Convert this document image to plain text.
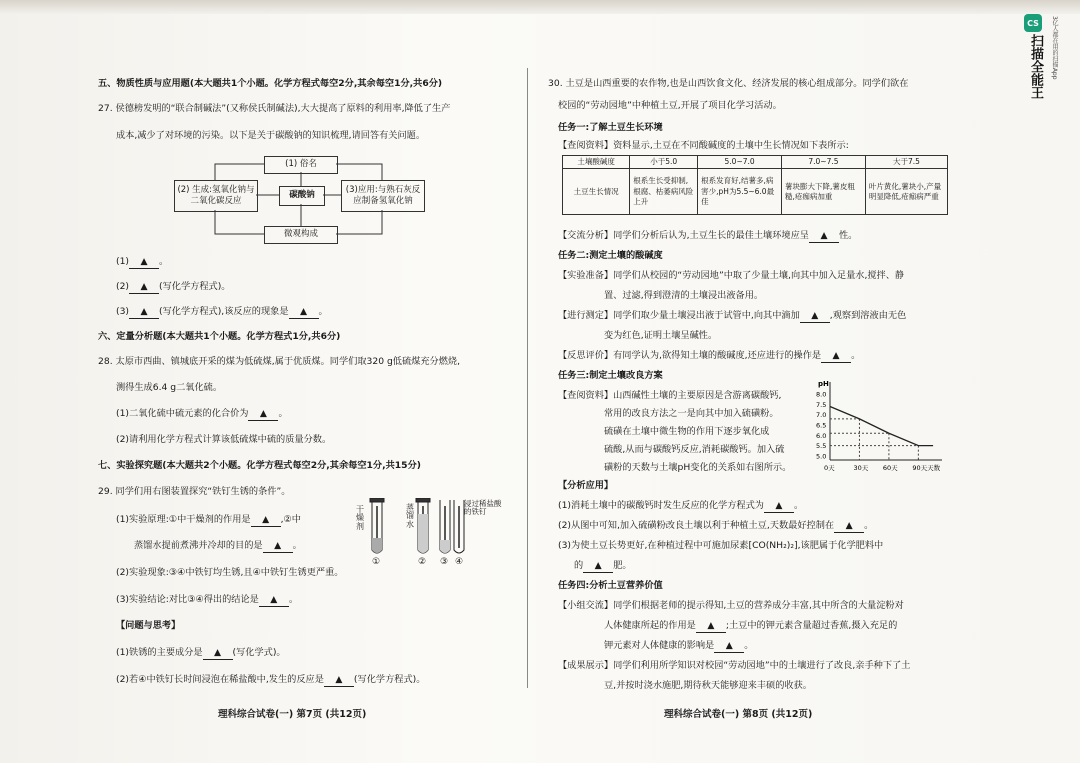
五、物质性质与应用题(本大题共1个小题。化学方程式每空2分,其余每空1分,共6分)
27. 侯德榜发明的“联合制碱法”(又称侯氏制碱法),大大提高了原料的利用率,降低了生产
成本,减少了对环境的污染。以下是关于碳酸钠的知识梳理,请回答有关问题。
(1) 俗名
(2) 生成:氢氧化钠与二氧化碳反应
碳酸钠
(3)应用:与熟石灰反应制备氢氧化钠
微观构成
(1) ▲ 。
(2) ▲ (写化学方程式)。
(3) ▲ (写化学方程式),该反应的现象是 ▲ 。
六、定量分析题(本大题共1个小题。化学方程式1分,共6分)
28. 太原市西曲、镇城底开采的煤为低硫煤,属于优质煤。同学们取320 g低硫煤充分燃烧,
测得生成6.4 g二氧化硫。
(1)二氧化硫中硫元素的化合价为 ▲ 。
(2)请利用化学方程式计算该低硫煤中硫的质量分数。
七、实验探究题(本大题共2个小题。化学方程式每空2分,其余每空1分,共15分)
29. 同学们用右图装置探究“铁钉生锈的条件”。
(1)实验原理:①中干燥剂的作用是 ▲ ,②中
蒸馏水提前煮沸并冷却的目的是 ▲ 。
(2)实验现象:③④中铁钉均生锈,且④中铁钉生锈更严重。
(3)实验结论:对比③④得出的结论是 ▲ 。
【问题与思考】
(1)铁锈的主要成分是 ▲ (写化学式)。
(2)若④中铁钉长时间浸泡在稀盐酸中,发生的反应是 ▲ (写化学方程式)。
干燥剂
蒸馏水
浸过稀盐酸的铁钉
①	② ③ ④
30. 土豆是山西重要的农作物,也是山西饮食文化、经济发展的核心组成部分。同学们欲在
校园的“劳动园地”中种植土豆,开展了项目化学习活动。
任务一:了解土豆生长环境
【查阅资料】资料显示,土豆在不同酸碱度的土壤中生长情况如下表所示:
土壤酸碱度	小于5.0	5.0~7.0	7.0~7.5	大于7.5
土豆生长情况	根系生长受抑制,根腐、枯萎病风险上升	根系发育好,结薯多,病害少,pH为5.5~6.0最佳	薯块膨大下降,薯皮粗糙,疮痂病加重	叶片黄化,薯块小,产量明显降低,疮痂病严重
【交流分析】同学们分析后认为,土豆生长的最佳土壤环境应呈 ▲ 性。
任务二:测定土壤的酸碱度
【实验准备】同学们从校园的“劳动园地”中取了少量土壤,向其中加入足量水,搅拌、静
置、过滤,得到澄清的土壤浸出液备用。
【进行测定】同学们取少量土壤浸出液于试管中,向其中滴加 ▲ ,观察到溶液由无色
变为红色,证明土壤呈碱性。
【反思评价】有同学认为,欲得知土壤的酸碱度,还应进行的操作是 ▲ 。
任务三:制定土壤改良方案
【查阅资料】山西碱性土壤的主要原因是含游离碳酸钙,
常用的改良方法之一是向其中加入硫磺粉。
硫磺在土壤中微生物的作用下逐步氧化成
硫酸,从而与碳酸钙反应,消耗碳酸钙。加入硫
磺粉的天数与土壤pH变化的关系如右图所示。
pH
8.0
7.5
7.0
6.5
6.0
5.5
5.0
0天	30天 60天 90天 天数
【分析应用】
(1)消耗土壤中的碳酸钙时发生反应的化学方程式为 ▲ 。
(2)从图中可知,加入硫磺粉改良土壤以利于种植土豆,天数最好控制在 ▲ 。
(3)为使土豆长势更好,在种植过程中可施加尿素[CO(NH₂)₂],该肥属于化学肥料中
的 ▲ 肥。
任务四:分析土豆营养价值
【小组交流】同学们根据老师的提示得知,土豆的营养成分丰富,其中所含的大量淀粉对
人体健康所起的作用是 ▲ ;土豆中的钾元素含量超过香蕉,摄入充足的
钾元素对人体健康的影响是 ▲ 。
【成果展示】同学们利用所学知识对校园“劳动园地”中的土壤进行了改良,亲手种下了土
豆,并按时浇水施肥,期待秋天能够迎来丰硕的收获。
理科综合试卷(一) 第7页 (共12页)	理科综合试卷(一) 第8页 (共12页)
CS
扫描全能王	3亿人都在用的扫描App
